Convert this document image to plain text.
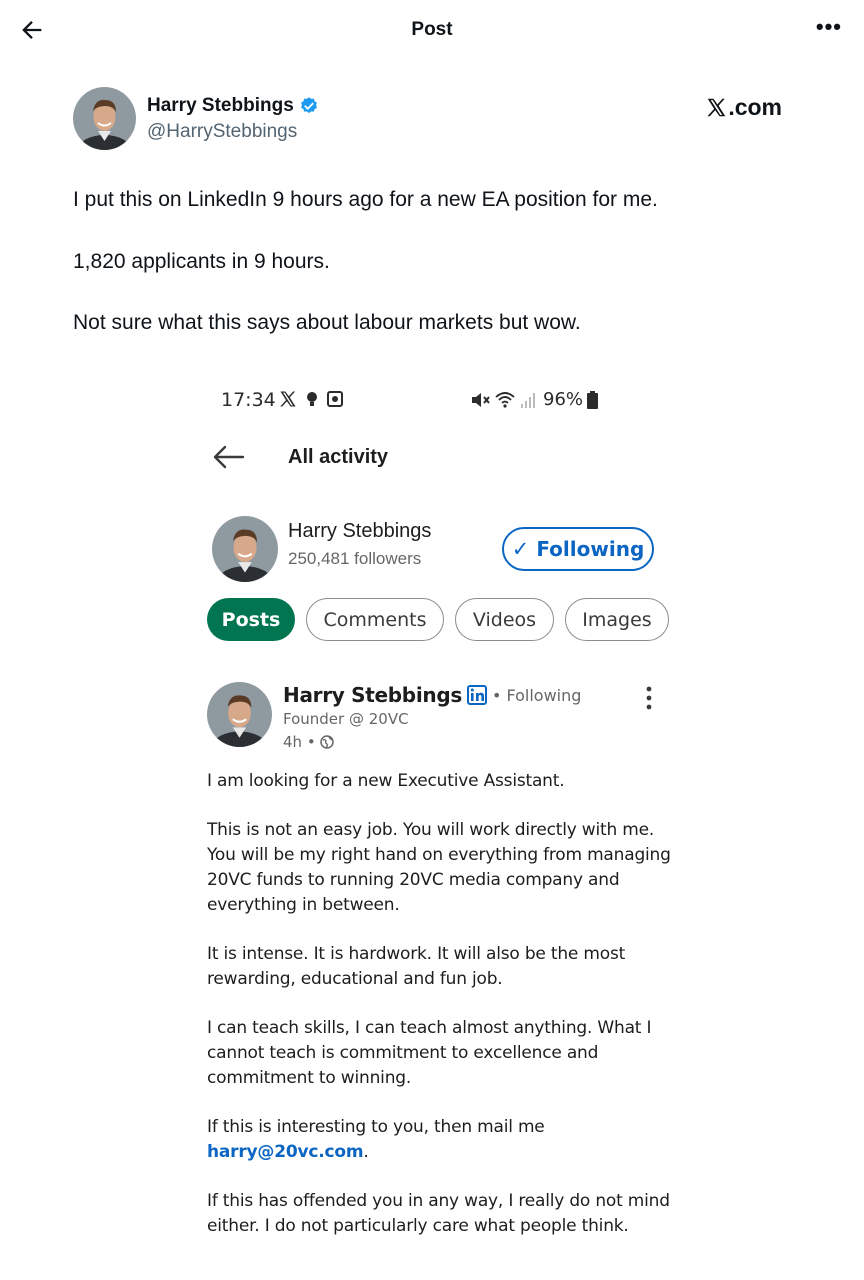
Post	•••
Harry Stebbings
@HarryStebbings
.com

I put this on LinkedIn 9 hours ago for a new EA position for me.

1,820 applicants in 9 hours.

Not sure what this says about labour markets but wow.

17:34	96%
All activity
Harry Stebbings
250,481 followers	✓ Following
Posts	Comments	Videos	Images
Harry Stebbings • Following
Founder @ 20VC
4h •

I am looking for a new Executive Assistant.

This is not an easy job. You will work directly with me. You will be my right hand on everything from managing 20VC funds to running 20VC media company and everything in between.

It is intense. It is hardwork. It will also be the most rewarding, educational and fun job.

I can teach skills, I can teach almost anything. What I cannot teach is commitment to excellence and commitment to winning.

If this is interesting to you, then mail me
harry@20vc.com.

If this has offended you in any way, I really do not mind either. I do not particularly care what people think.
